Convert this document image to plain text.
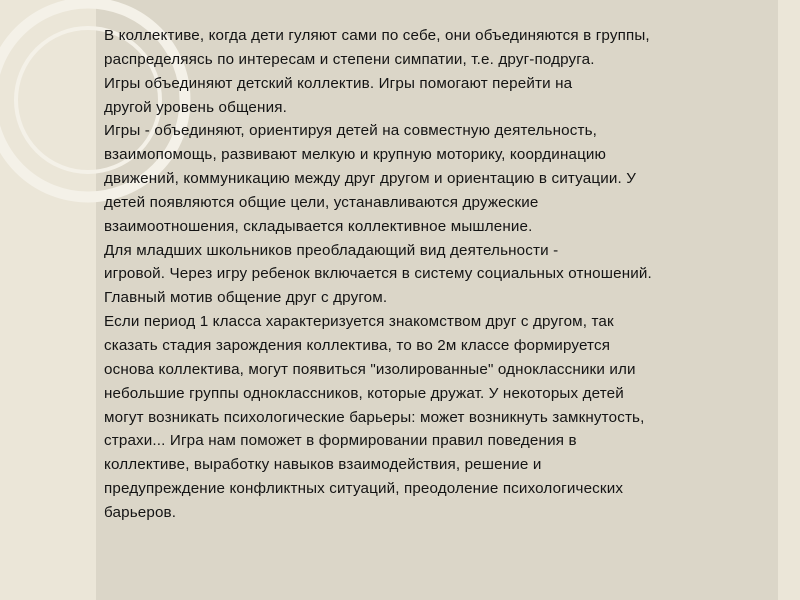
В коллективе, когда дети гуляют сами по себе, они объединяются в группы,
распределяясь по интересам и степени симпатии, т.е. друг-подруга.

Игры объединяют детский коллектив. Игры помогают перейти на
другой уровень общения.

Игры - объединяют, ориентируя детей на совместную деятельность,
взаимопомощь, развивают мелкую и крупную моторику, координацию
движений, коммуникацию между друг другом и ориентацию в ситуации. У
детей появляются общие цели, устанавливаются дружеские
взаимоотношения, складывается коллективное мышление.

Для младших школьников преобладающий вид деятельности -
игровой. Через игру ребенок включается в систему социальных отношений.
Главный мотив общение друг с другом.

Если период 1 класса характеризуется знакомством друг с другом, так
сказать стадия зарождения коллектива, то во 2м классе формируется
основа коллектива, могут появиться "изолированные" одноклассники или
небольшие группы одноклассников, которые дружат. У некоторых детей
могут возникать психологические барьеры: может возникнуть замкнутость,
страхи... Игра нам поможет в формировании правил поведения в
коллективе, выработку навыков взаимодействия, решение и
предупреждение конфликтных ситуаций, преодоление психологических
барьеров.
